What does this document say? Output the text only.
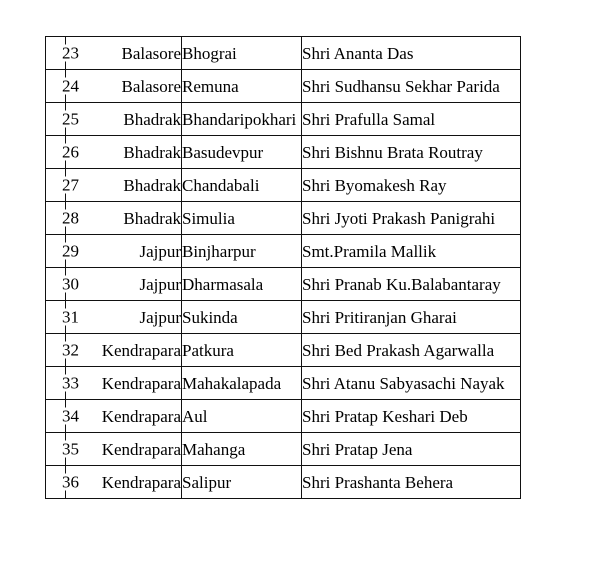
	23 Balasore	Bhograi	Shri Ananta Das

	24 Balasore	Remuna	Shri Sudhansu Sekhar Parida

	25 Bhadrak	Bhandaripokhari	Shri Prafulla Samal

	26 Bhadrak	Basudevpur	Shri Bishnu Brata Routray

	27 Bhadrak	Chandabali	Shri Byomakesh Ray

	28 Bhadrak	Simulia	Shri Jyoti Prakash Panigrahi

	29 Jajpur	Binjharpur	Smt.Pramila Mallik

	30 Jajpur	Dharmasala	Shri Pranab Ku.Balabantaray

	31 Jajpur	Sukinda	Shri Pritiranjan Gharai

	32 Kendrapara	Patkura	Shri Bed Prakash Agarwalla

	33 Kendrapara	Mahakalapada	Shri Atanu Sabyasachi Nayak

	34 Kendrapara	Aul	Shri Pratap Keshari Deb

	35 Kendrapara	Mahanga	Shri Pratap Jena

	36 Kendrapara	Salipur	Shri Prashanta Behera
